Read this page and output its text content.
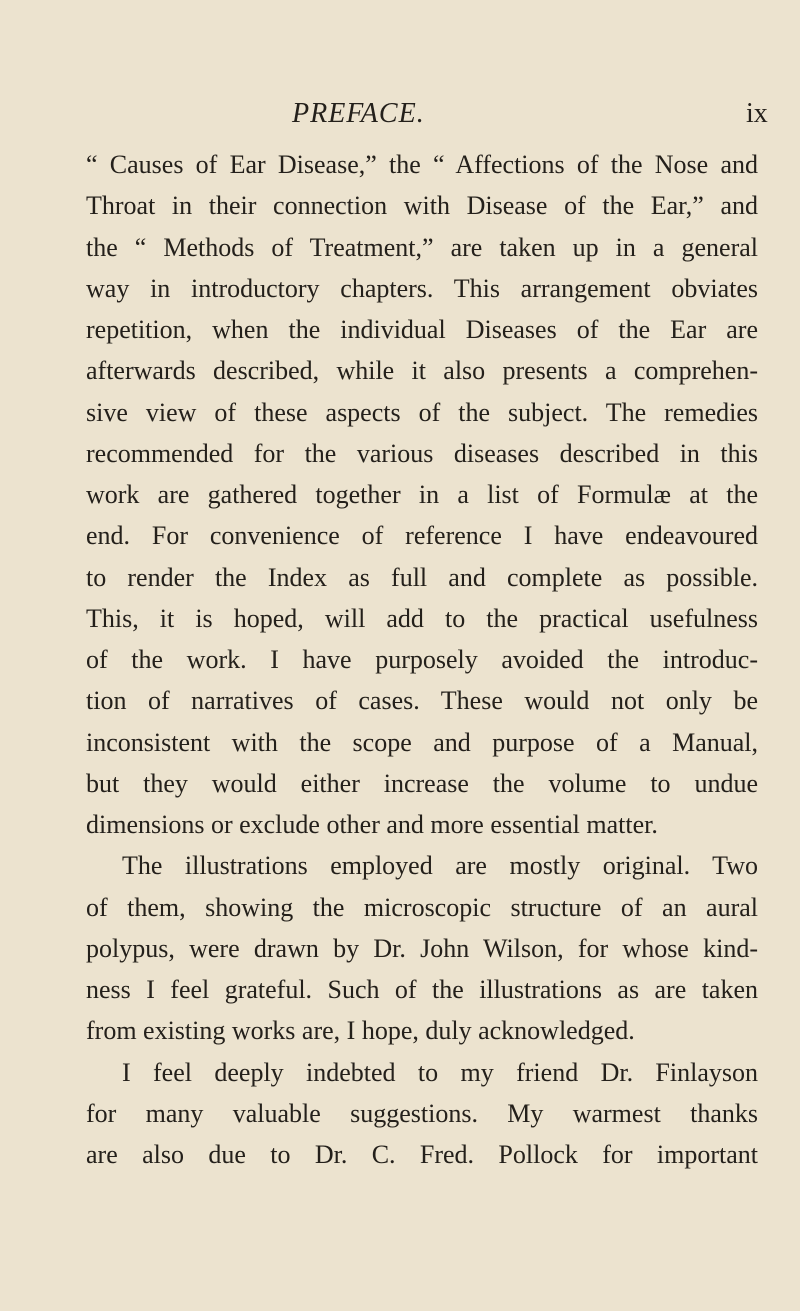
PREFACE.	ix
“ Causes of Ear Disease,” the “ Affections of the Nose and
Throat in their connection with Disease of the Ear,” and
the “ Methods of Treatment,” are taken up in a general
way in introductory chapters. This arrangement obviates
repetition, when the individual Diseases of the Ear are
afterwards described, while it also presents a comprehen-
sive view of these aspects of the subject. The remedies
recommended for the various diseases described in this
work are gathered together in a list of Formulæ at the
end. For convenience of reference I have endeavoured
to render the Index as full and complete as possible.
This, it is hoped, will add to the practical usefulness
of the work. I have purposely avoided the introduc-
tion of narratives of cases. These would not only be
inconsistent with the scope and purpose of a Manual,
but they would either increase the volume to undue
dimensions or exclude other and more essential matter.
The illustrations employed are mostly original. Two
of them, showing the microscopic structure of an aural
polypus, were drawn by Dr. John Wilson, for whose kind-
ness I feel grateful. Such of the illustrations as are taken
from existing works are, I hope, duly acknowledged.
I feel deeply indebted to my friend Dr. Finlayson
for many valuable suggestions. My warmest thanks
are also due to Dr. C. Fred. Pollock for important
